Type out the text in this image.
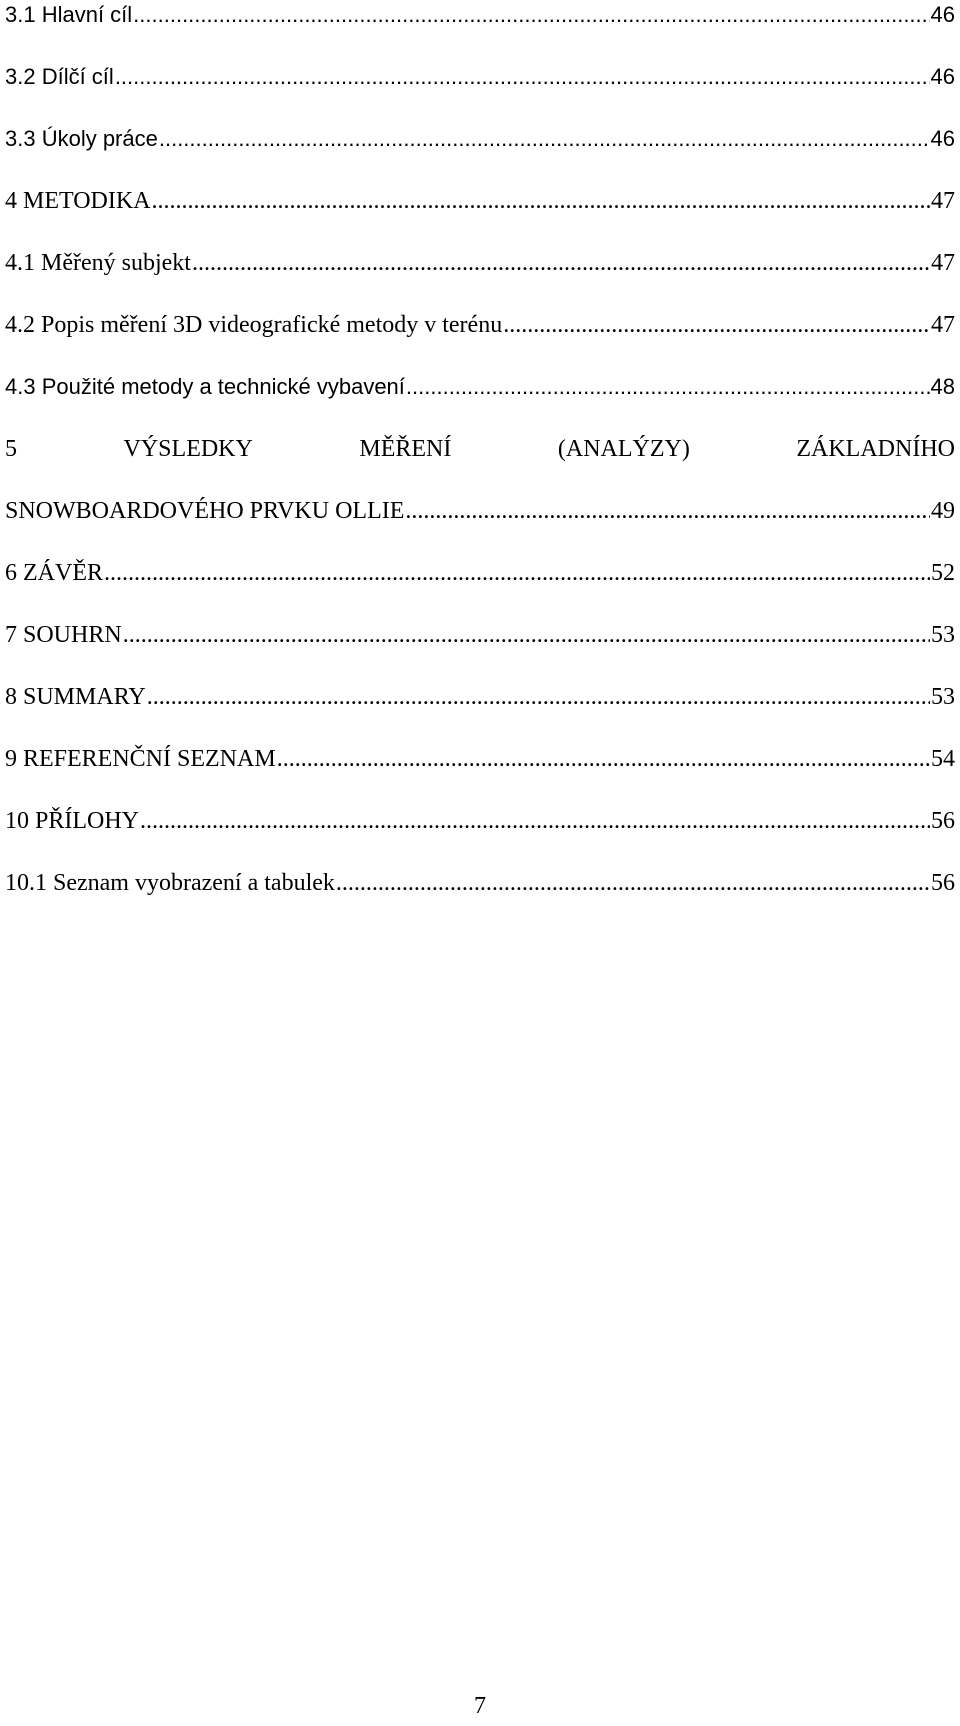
3.1 Hlavní cíl .....	46
3.2 Dílčí cíl .....	46
3.3 Úkoly práce .....	46
4 METODIKA .....	47
4.1 Měřený subjekt .....	47
4.2 Popis měření 3D videografické metody v terénu .....	47
4.3 Použité metody a technické vybavení .....	48
5	VÝSLEDKY	MĚŘENÍ	(ANALÝZY)	ZÁKLADNÍHO
SNOWBOARDOVÉHO PRVKU OLLIE .....	49
6 ZÁVĚR .....	52
7 SOUHRN .....	53
8 SUMMARY .....	53
9 REFERENČNÍ SEZNAM .....	54
10 PŘÍLOHY .....	56
10.1 Seznam vyobrazení a tabulek .....	56
7
